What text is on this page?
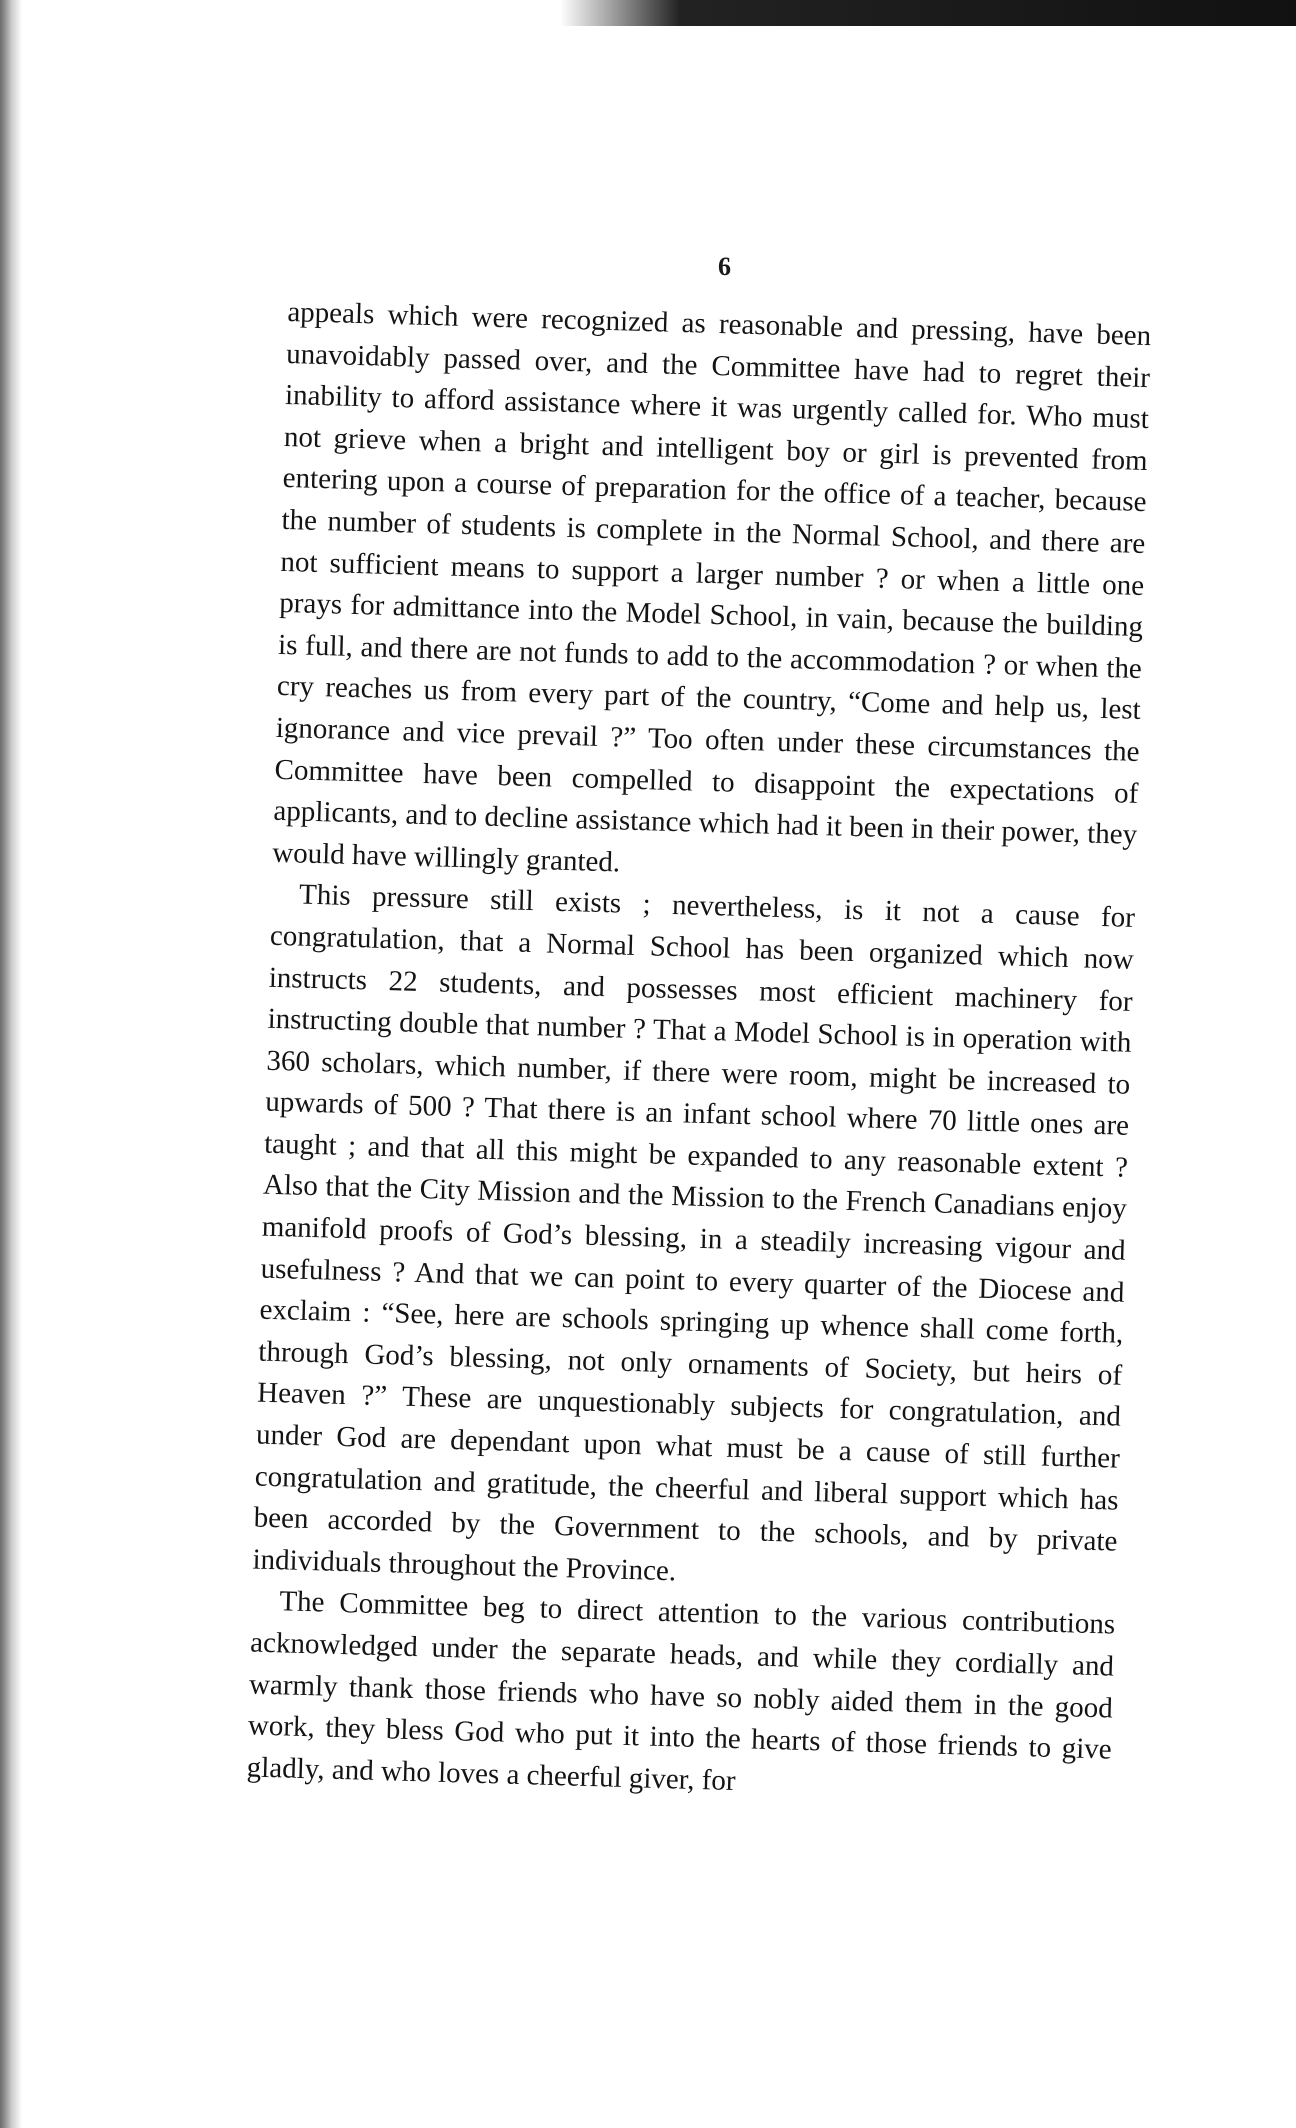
6

appeals which were recognized as reasonable and pressing, have been unavoidably passed over, and the Committee have had to regret their inability to afford assistance where it was urgently called for. Who must not grieve when a bright and intelligent boy or girl is prevented from entering upon a course of preparation for the office of a teacher, because the number of students is complete in the Normal School, and there are not sufficient means to support a larger number ? or when a little one prays for admittance into the Model School, in vain, because the building is full, and there are not funds to add to the accommodation ? or when the cry reaches us from every part of the country, “Come and help us, lest ignorance and vice prevail ?” Too often under these circumstances the Committee have been compelled to disappoint the expectations of applicants, and to decline assistance which had it been in their power, they would have willingly granted.

This pressure still exists ; nevertheless, is it not a cause for congratulation, that a Normal School has been organized which now instructs 22 students, and possesses most efficient machinery for instructing double that number ? That a Model School is in operation with 360 scholars, which number, if there were room, might be increased to upwards of 500 ? That there is an infant school where 70 little ones are taught ; and that all this might be expanded to any reasonable extent ? Also that the City Mission and the Mission to the French Canadians enjoy manifold proofs of God’s blessing, in a steadily increasing vigour and usefulness ? And that we can point to every quarter of the Diocese and exclaim : “See, here are schools springing up whence shall come forth, through God’s blessing, not only ornaments of Society, but heirs of Heaven ?” These are unquestionably subjects for congratulation, and under God are dependant upon what must be a cause of still further congratulation and gratitude, the cheerful and liberal support which has been accorded by the Government to the schools, and by private individuals throughout the Province.

The Committee beg to direct attention to the various contributions acknowledged under the separate heads, and while they cordially and warmly thank those friends who have so nobly aided them in the good work, they bless God who put it into the hearts of those friends to give gladly, and who loves a cheerful giver, for
